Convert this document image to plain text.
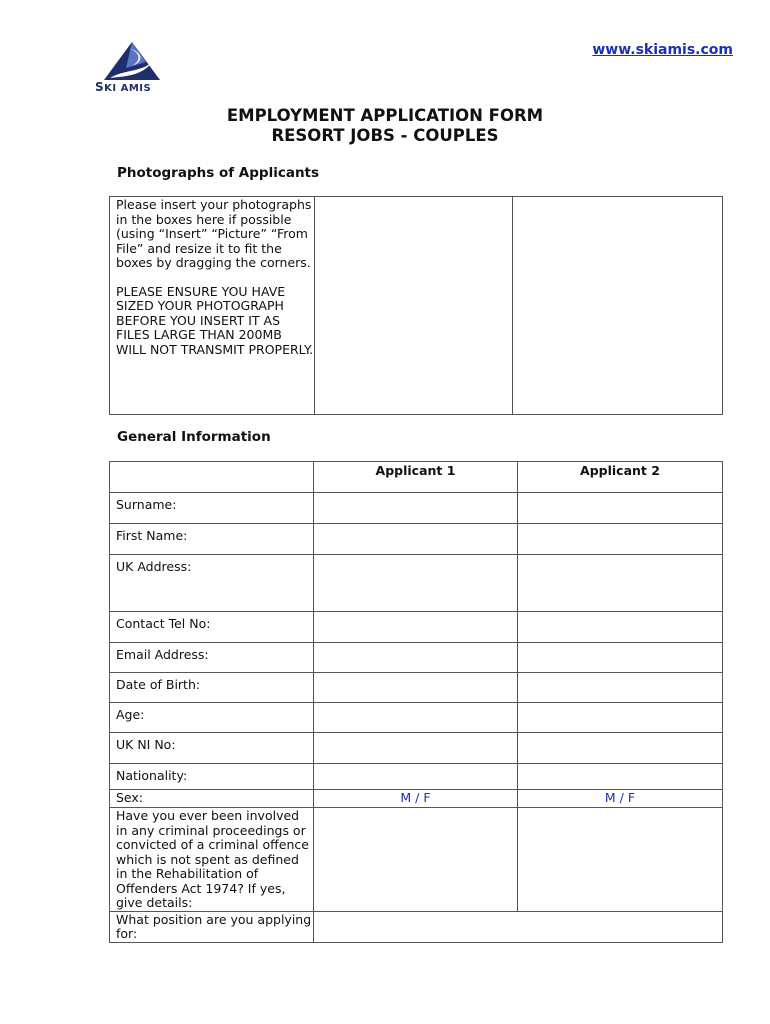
SKI AMIS
www.skiamis.com
EMPLOYMENT APPLICATION FORM
RESORT JOBS - COUPLES
Photographs of Applicants

Please insert your photographs in the boxes here if possible (using “Insert” “Picture” “From File” and resize it to fit the boxes by dragging the corners.

PLEASE ENSURE YOU HAVE SIZED YOUR PHOTOGRAPH BEFORE YOU INSERT IT AS FILES LARGE THAN 200MB WILL NOT TRANSMIT PROPERLY.

General Information
	Applicant 1	Applicant 2
Surname:		
First Name:		
UK Address:		
Contact Tel No:		
Email Address:		
Date of Birth:		
Age:		
UK NI No:		
Nationality:		
Sex:	M / F	M / F
Have you ever been involved in any criminal proceedings or convicted of a criminal offence which is not spent as defined in the Rehabilitation of Offenders Act 1974? If yes, give details:		
What position are you applying for:		
